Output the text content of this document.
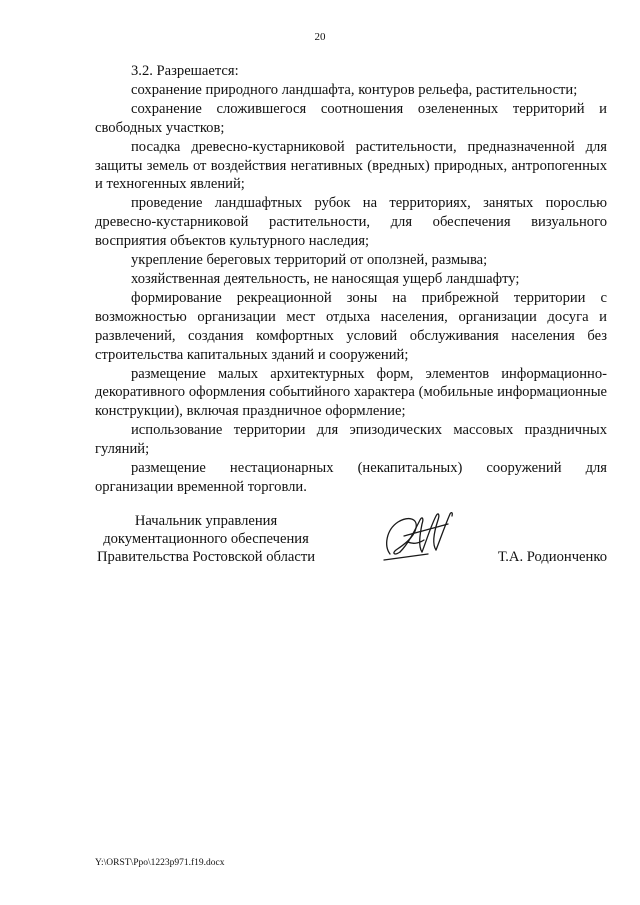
20

3.2. Разрешается:

сохранение природного ландшафта, контуров рельефа, растительности;

сохранение сложившегося соотношения озелененных территорий и свободных участков;

посадка древесно-кустарниковой растительности, предназначенной для защиты земель от воздействия негативных (вредных) природных, антропогенных и техногенных явлений;

проведение ландшафтных рубок на территориях, занятых порослью древесно-кустарниковой растительности, для обеспечения визуального восприятия объектов культурного наследия;

укрепление береговых территорий от оползней, размыва;

хозяйственная деятельность, не наносящая ущерб ландшафту;

формирование рекреационной зоны на прибрежной территории с возможностью организации мест отдыха населения, организации досуга и развлечений, создания комфортных условий обслуживания населения без строительства капитальных зданий и сооружений;

размещение малых архитектурных форм, элементов информационно-декоративного оформления событийного характера (мобильные информационные конструкции), включая праздничное оформление;

использование территории для эпизодических массовых праздничных гуляний;

размещение нестационарных (некапитальных) сооружений для организации временной торговли.

Начальник управления
документационного обеспечения
Правительства Ростовской области	Т.А. Родионченко
Y:\ORST\Ppo\1223p971.f19.docx
